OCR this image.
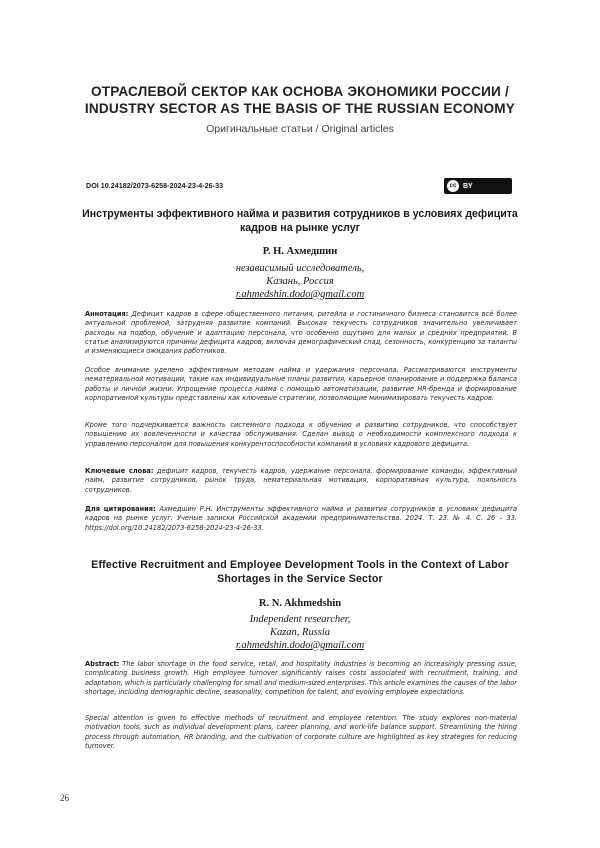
ОТРАСЛЕВОЙ СЕКТОР КАК ОСНОВА ЭКОНОМИКИ РОССИИ / INDUSTRY SECTOR AS THE BASIS OF THE RUSSIAN ECONOMY
Оригинальные статьи / Original articles
DOI 10.24182/2073-6258-2024-23-4-26-33	cc BY
Инструменты эффективного найма и развития сотрудников в условиях дефицита кадров на рынке услуг
Р. Н. Ахмедшин
независимый исследователь,
Казань, Россия
r.ahmedshin.dodo@gmail.com

Аннотация: Дефицит кадров в сфере общественного питания, ритейла и гостиничного бизнеса становится всё более актуальной проблемой, затрудняя развитие компаний. Высокая текучесть сотрудников значительно увеличивает расходы на подбор, обучение и адаптацию персонала, что особенно ощутимо для малых и средних предприятий. В статье анализируются причины дефицита кадров, включая демографический спад, сезонность, конкуренцию за таланты и изменяющиеся ожидания работников.

Особое внимание уделено эффективным методам найма и удержания персонала. Рассматриваются инструменты нематериальной мотивации, такие как индивидуальные планы развития, карьерное планирование и поддержка баланса работы и личной жизни. Упрощение процесса найма с помощью автоматизации, развитие HR-бренда и формирование корпоративной культуры представлены как ключевые стратегии, позволяющие минимизировать текучесть кадров.

Кроме того подчеркивается важность системного подхода к обучению и развитию сотрудников, что способствует повышению их вовлеченности и качества обслуживания. Сделан вывод о необходимости комплексного подхода к управлению персоналом для повышения конкурентоспособности компаний в условиях кадрового дефицита.

Ключевые слова: дефицит кадров, текучесть кадров, удержание персонала, формирование команды, эффективный найм, развитие сотрудников, рынок труда, нематериальная мотивация, корпоративная культура, лояльность сотрудников.

Для цитирования: Ахмедшин Р.Н. Инструменты эффективного найма и развития сотрудников в условиях дефицита кадров на рынке услуг. Ученые записки Российской академии предпринимательства. 2024. Т. 23. № 4. С. 26 – 33. https://doi.org/10.24182/2073-6258-2024-23-4-26-33.

Effective Recruitment and Employee Development Tools in the Context of Labor Shortages in the Service Sector
R. N. Akhmedshin
Independent researcher,
Kazan, Russia
r.ahmedshin.dodo@gmail.com

Abstract: The labor shortage in the food service, retail, and hospitality industries is becoming an increasingly pressing issue, complicating business growth. High employee turnover significantly raises costs associated with recruitment, training, and adaptation, which is particularly challenging for small and medium-sized enterprises. This article examines the causes of the labor shortage, including demographic decline, seasonality, competition for talent, and evolving employee expectations.

Special attention is given to effective methods of recruitment and employee retention. The study explores non-material motivation tools, such as individual development plans, career planning, and work-life balance support. Streamlining the hiring process through automation, HR branding, and the cultivation of corporate culture are highlighted as key strategies for reducing turnover.

26
